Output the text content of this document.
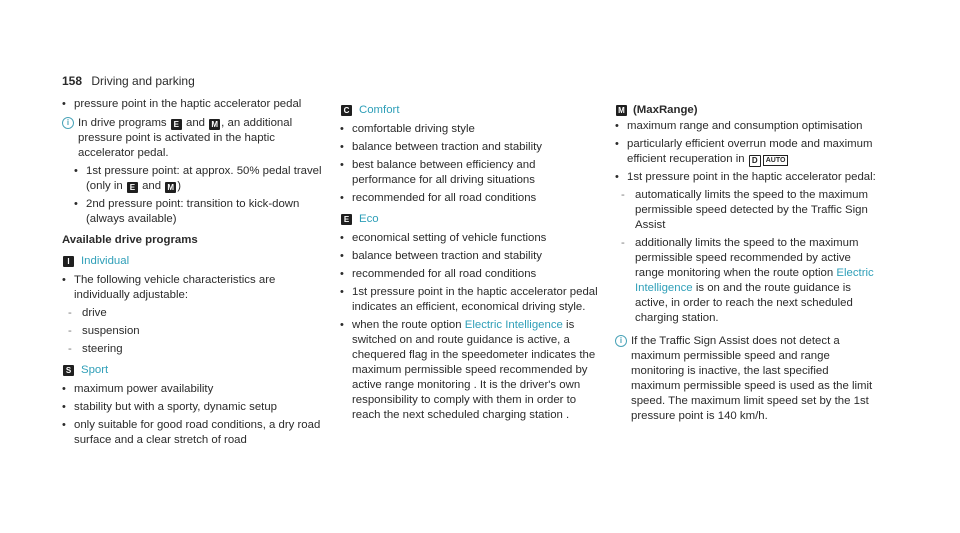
158 Driving and parking
• pressure point in the haptic accelerator pedal
i In drive programs E and M , an additional pressure point is activated in the haptic accelerator pedal.
• 1st pressure point: at approx. 50% pedal travel (only in E and M )
• 2nd pressure point: transition to kick-down (always available)
Available drive programs
I Individual
• The following vehicle characteristics are individually adjustable:
- drive
- suspension
- steering
S Sport
• maximum power availability
• stability but with a sporty, dynamic setup
• only suitable for good road conditions, a dry road surface and a clear stretch of road
C Comfort
• comfortable driving style
• balance between traction and stability
• best balance between efficiency and performance for all driving situations
• recommended for all road conditions
E Eco
• economical setting of vehicle functions
• balance between traction and stability
• recommended for all road conditions
• 1st pressure point in the haptic accelerator pedal indicates an efficient, economical driving style.
• when the route option Electric Intelligence is switched on and route guidance is active, a chequered flag in the speedometer indicates the maximum permissible speed recommended by active range monitoring . It is the driver's own responsibility to comply with them in order to reach the next scheduled charging station .
M (MaxRange)
• maximum range and consumption optimisation
• particularly efficient overrun mode and maximum efficient recuperation in D AUTO
• 1st pressure point in the haptic accelerator pedal:
- automatically limits the speed to the maximum permissible speed detected by the Traffic Sign Assist
- additionally limits the speed to the maximum permissible speed recommended by active range monitoring when the route option Electric Intelligence is on and the route guidance is active, in order to reach the next scheduled charging station.
i If the Traffic Sign Assist does not detect a maximum permissible speed and range monitoring is inactive, the last specified maximum permissible speed is used as the limit speed. The maximum limit speed set by the 1st pressure point is 140 km/h.
